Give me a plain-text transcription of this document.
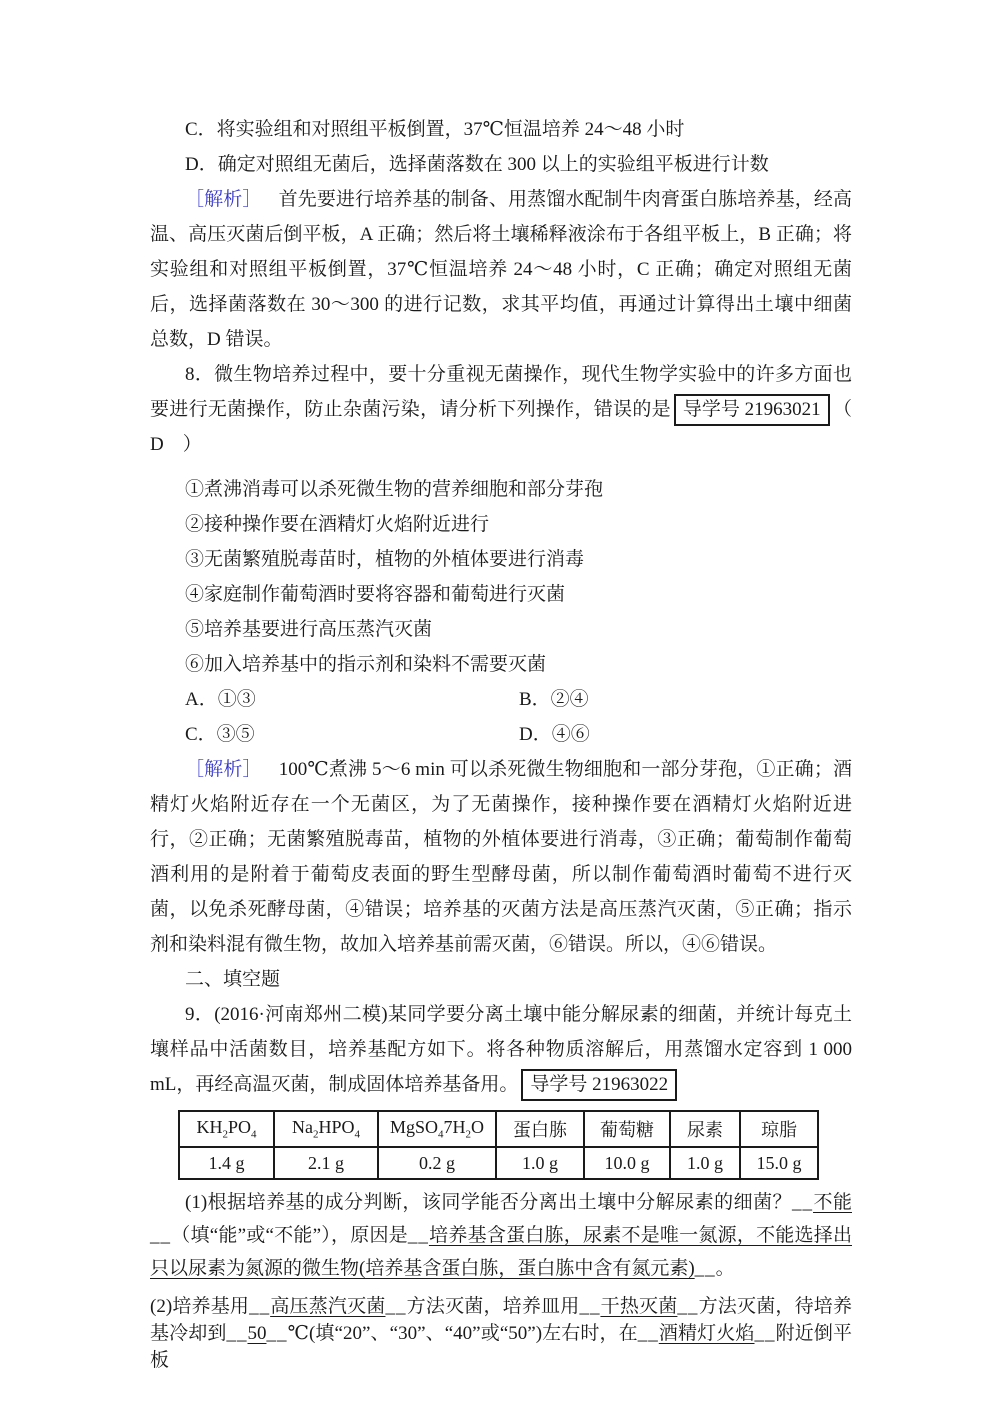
C．将实验组和对照组平板倒置，37℃恒温培养 24～48 小时

D．确定对照组无菌后，选择菌落数在 300 以上的实验组平板进行计数

［解析］ 首先要进行培养基的制备、用蒸馏水配制牛肉膏蛋白胨培养基，经高温、高压灭菌后倒平板，A 正确；然后将土壤稀释液涂布于各组平板上，B 正确；将实验组和对照组平板倒置，37℃恒温培养 24～48 小时，C 正确；确定对照组无菌后，选择菌落数在 30～300 的进行记数，求其平均值，再通过计算得出土壤中细菌总数，D 错误。

8．微生物培养过程中，要十分重视无菌操作，现代生物学实验中的许多方面也要进行无菌操作，防止杂菌污染，请分析下列操作，错误的是 导学号 21963021 （　D　）

①煮沸消毒可以杀死微生物的营养细胞和部分芽孢

②接种操作要在酒精灯火焰附近进行

③无菌繁殖脱毒苗时，植物的外植体要进行消毒

④家庭制作葡萄酒时要将容器和葡萄进行灭菌

⑤培养基要进行高压蒸汽灭菌

⑥加入培养基中的指示剂和染料不需要灭菌

A．①③	B．②④

C．③⑤	D．④⑥

［解析］ 100℃煮沸 5～6 min 可以杀死微生物细胞和一部分芽孢，①正确；酒精灯火焰附近存在一个无菌区，为了无菌操作，接种操作要在酒精灯火焰附近进行，②正确；无菌繁殖脱毒苗，植物的外植体要进行消毒，③正确；葡萄制作葡萄酒利用的是附着于葡萄皮表面的野生型酵母菌，所以制作葡萄酒时葡萄不进行灭菌，以免杀死酵母菌，④错误；培养基的灭菌方法是高压蒸汽灭菌，⑤正确；指示剂和染料混有微生物，故加入培养基前需灭菌，⑥错误。所以，④⑥错误。

二、填空题

9．(2016·河南郑州二模)某同学要分离土壤中能分解尿素的细菌，并统计每克土壤样品中活菌数目，培养基配方如下。将各种物质溶解后，用蒸馏水定容到 1 000 mL，再经高温灭菌，制成固体培养基备用。 导学号 21963022

$KH_2PO_4$	$Na_2HPO_4$	$MgSO_47H_2O$	蛋白胨	葡萄糖	尿素	琼脂
1.4 g	2.1 g	0.2 g	1.0 g	10.0 g	1.0 g	15.0 g

(1)根据培养基的成分判断，该同学能否分离出土壤中分解尿素的细菌？__不能__（填“能”或“不能”），原因是__培养基含蛋白胨，尿素不是唯一氮源，不能选择出只以尿素为氮源的微生物(培养基含蛋白胨，蛋白胨中含有氮元素)__。

(2)培养基用__高压蒸汽灭菌__方法灭菌，培养皿用__干热灭菌__方法灭菌，待培养基冷却到__50__℃(填“20”、“30”、“40”或“50”)左右时，在__酒精灯火焰__附近倒平板
